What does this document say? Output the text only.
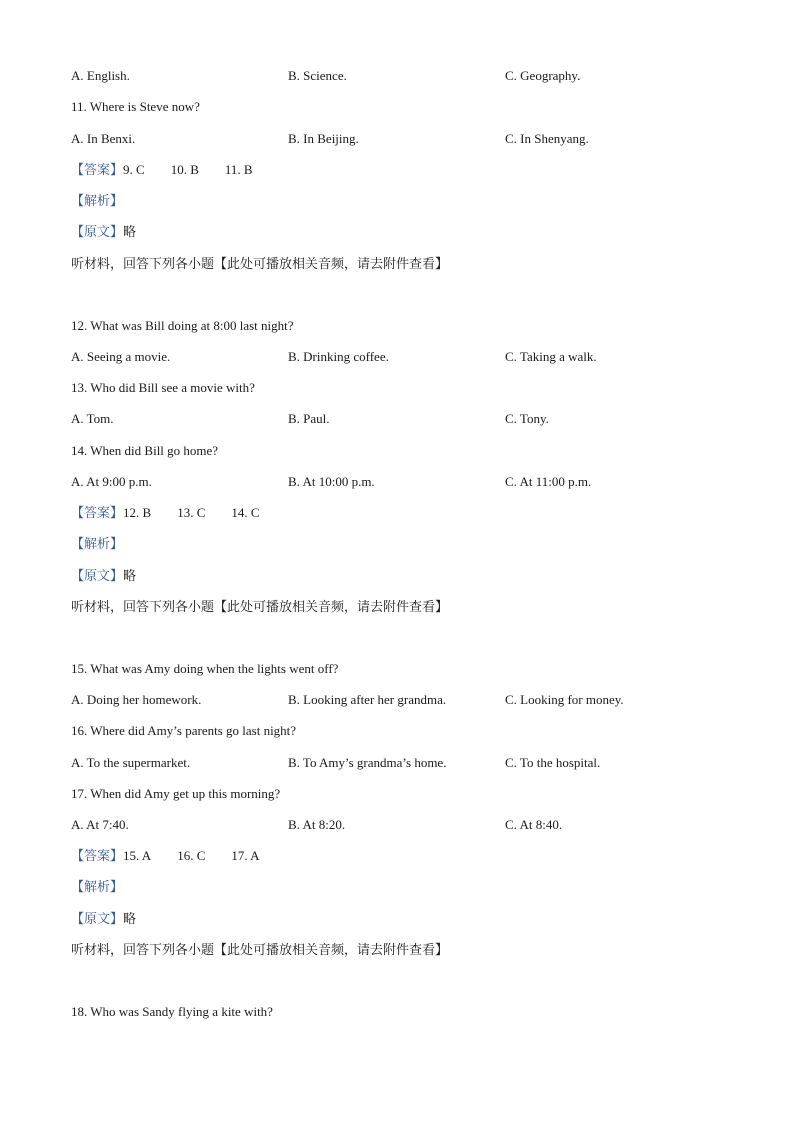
A. English.	B. Science.	C. Geography.
11. Where is Steve now?
A. In Benxi.	B. In Beijing.	C. In Shenyang.
【答案】9. C 10. B 11. B
【解析】
【原文】略
听材料，回答下列各小题【此处可播放相关音频，请去附件查看】
12. What was Bill doing at 8:00 last night?
A. Seeing a movie.	B. Drinking coffee.	C. Taking a walk.
13. Who did Bill see a movie with?
A. Tom.	B. Paul.	C. Tony.
14. When did Bill go home?
A. At 9:00 p.m.	B. At 10:00 p.m.	C. At 11:00 p.m.
【答案】12. B 13. C 14. C
【解析】
【原文】略
听材料，回答下列各小题【此处可播放相关音频，请去附件查看】
15. What was Amy doing when the lights went off?
A. Doing her homework.	B. Looking after her grandma.	C. Looking for money.
16. Where did Amy’s parents go last night?
A. To the supermarket.	B. To Amy’s grandma’s home.	C. To the hospital.
17. When did Amy get up this morning?
A. At 7:40.	B. At 8:20.	C. At 8:40.
【答案】15. A 16. C 17. A
【解析】
【原文】略
听材料，回答下列各小题【此处可播放相关音频，请去附件查看】
18. Who was Sandy flying a kite with?
